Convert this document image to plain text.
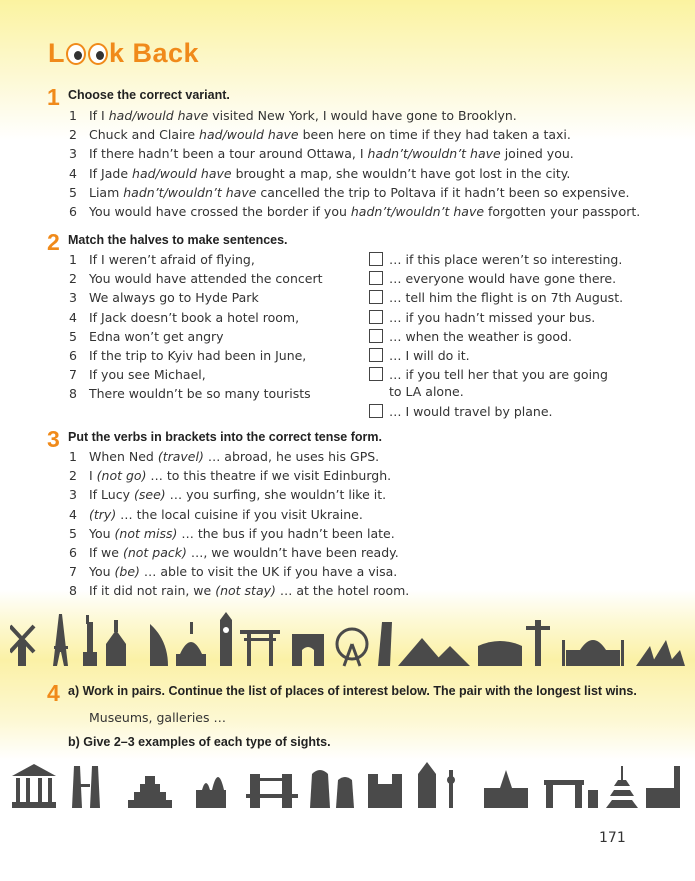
L k Back
1 Choose the correct variant.
1 If I had/would have visited New York, I would have gone to Brooklyn.
2 Chuck and Claire had/would have been here on time if they had taken a taxi.
3 If there hadn’t been a tour around Ottawa, I hadn’t/wouldn’t have joined you.
4 If Jade had/would have brought a map, she wouldn’t have got lost in the city.
5 Liam hadn’t/wouldn’t have cancelled the trip to Poltava if it hadn’t been so expensive.
6 You would have crossed the border if you hadn’t/wouldn’t have forgotten your passport.
2 Match the halves to make sentences.
1 If I weren’t afraid of flying,
2 You would have attended the concert
3 We always go to Hyde Park
4 If Jack doesn’t book a hotel room,
5 Edna won’t get angry
6 If the trip to Kyiv had been in June,
7 If you see Michael,
8 There wouldn’t be so many tourists
… if this place weren’t so interesting.
… everyone would have gone there.
… tell him the flight is on 7th August.
… if you hadn’t missed your bus.
… when the weather is good.
… I will do it.
… if you tell her that you are going
… I would travel by plane.
to LA alone.
3 Put the verbs in brackets into the correct tense form.
1 When Ned (travel) … abroad, he uses his GPS.
2 I (not go) … to this theatre if we visit Edinburgh.
3 If Lucy (see) … you surfing, she wouldn’t like it.
4 (try) … the local cuisine if you visit Ukraine.
5 You (not miss) … the bus if you hadn’t been late.
6 If we (not pack) …, we wouldn’t have been ready.
7 You (be) … able to visit the UK if you have a visa.
8 If it did not rain, we (not stay) … at the hotel room.
4 a) Work in pairs. Continue the list of places of interest below. The pair with the longest list wins.
Museums, galleries …
b) Give 2–3 examples of each type of sights.
171
